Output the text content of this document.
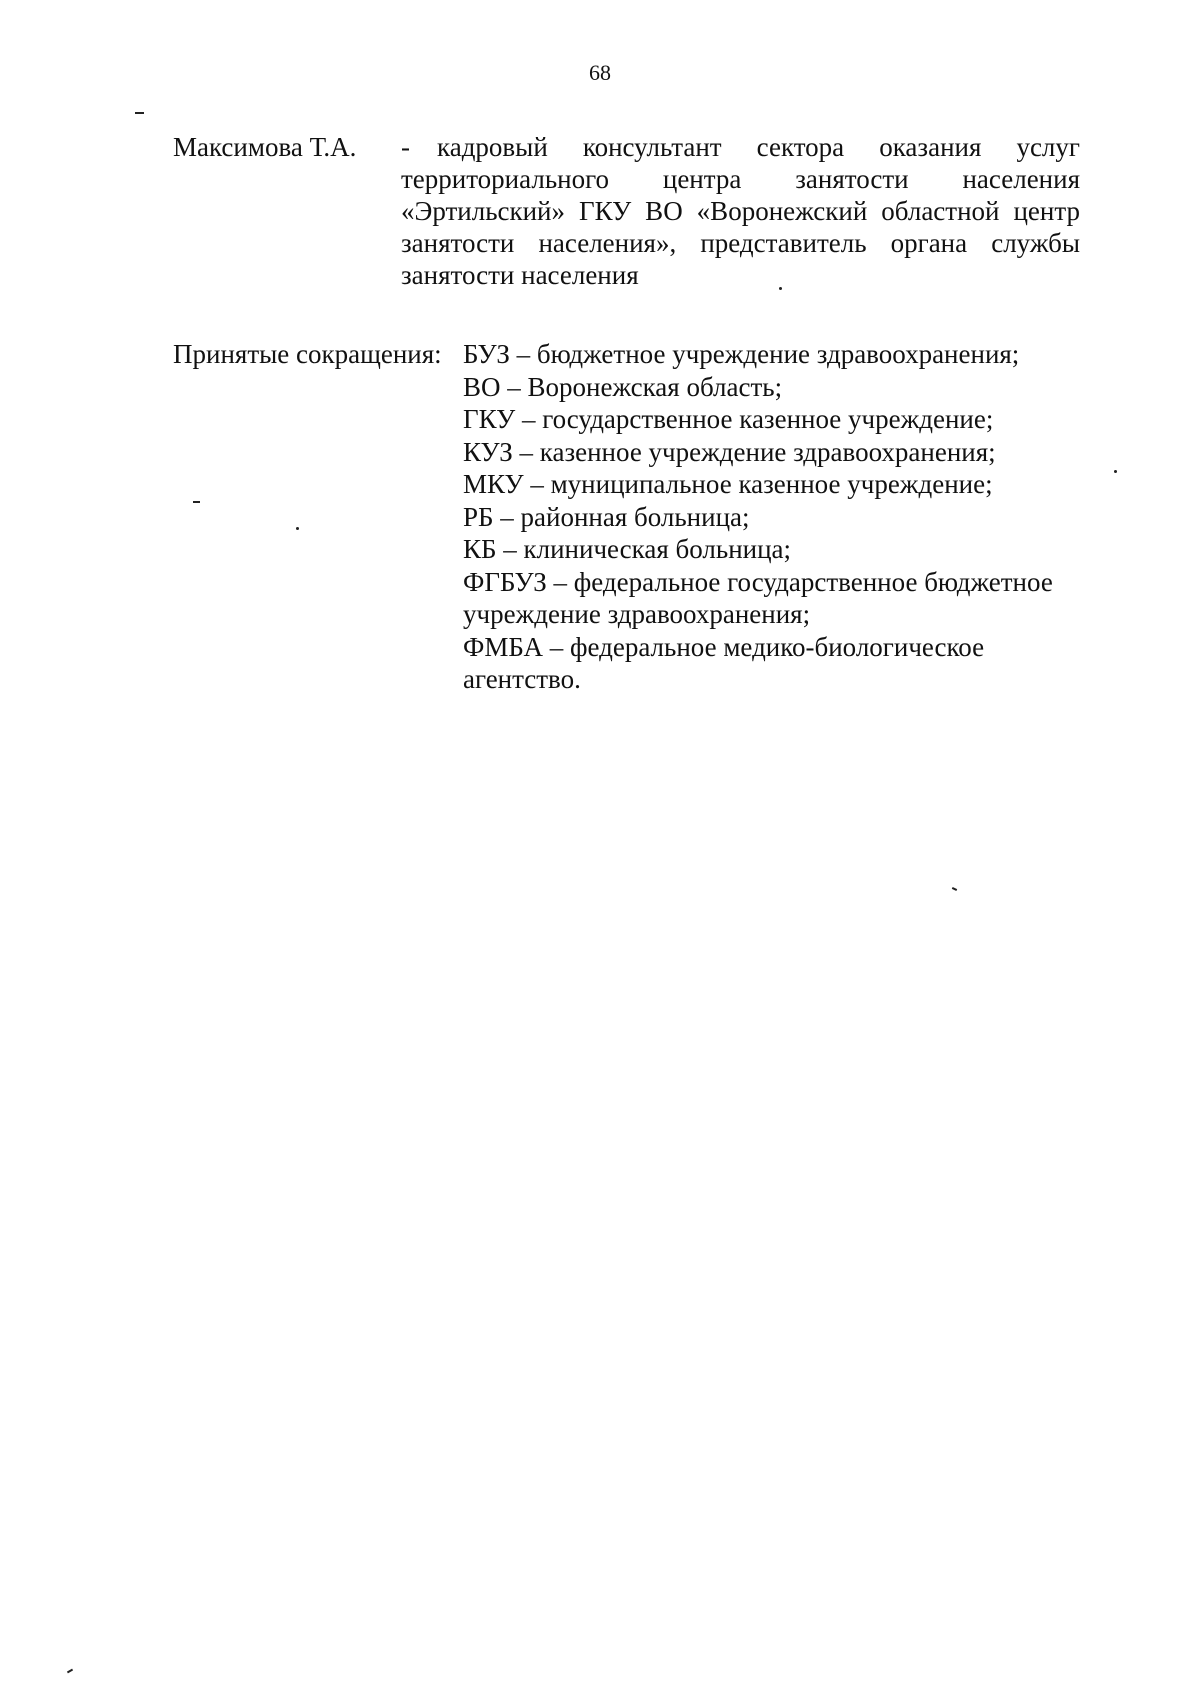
68
Максимова Т.А. -	кадровый консультант сектора оказания услуг территориального центра занятости населения «Эртильский» ГКУ ВО «Воронежский областной центр занятости населения», представитель органа службы занятости населения
Принятые сокращения: БУЗ – бюджетное учреждение здравоохранения;
ВО – Воронежская область;
ГКУ – государственное казенное учреждение;
КУЗ – казенное учреждение здравоохранения;
МКУ – муниципальное казенное учреждение;
РБ – районная больница;
КБ – клиническая больница;
ФГБУЗ – федеральное государственное бюджетное учреждение здравоохранения;
ФМБА – федеральное медико-биологическое агентство.
